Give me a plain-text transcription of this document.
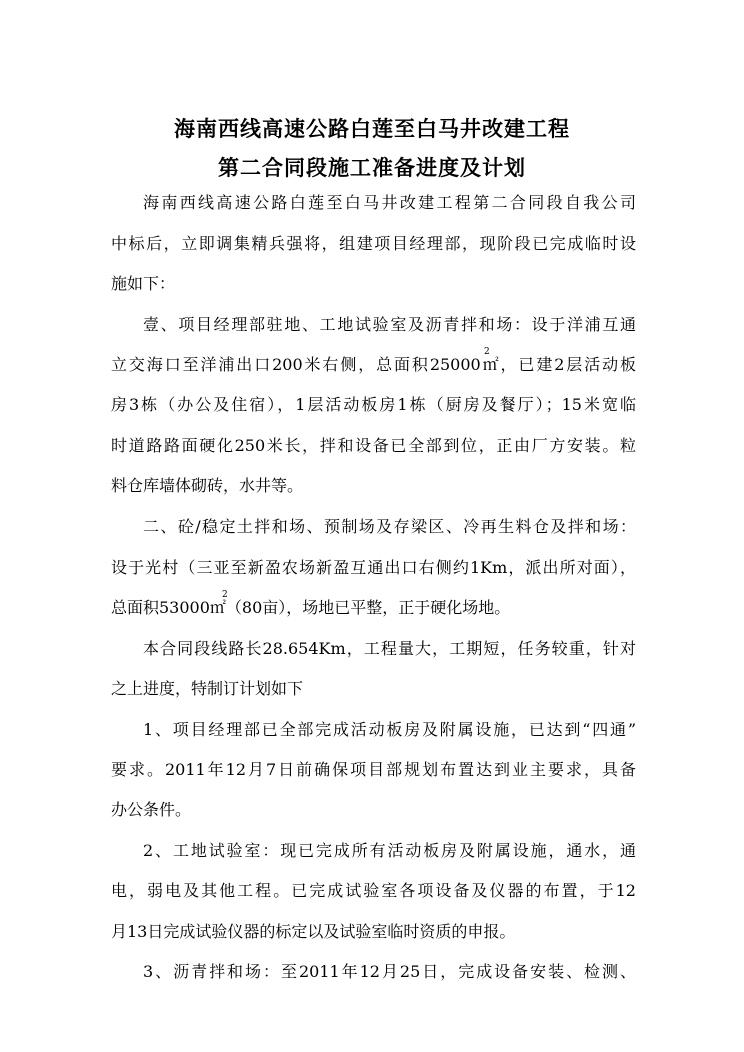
海南西线高速公路白莲至白马井改建工程
第二合同段施工准备进度及计划
海南西线高速公路白莲至白马井改建工程第二合同段自我公司
中标后，立即调集精兵强将，组建项目经理部，现阶段已完成临时设
施如下：
壹、项目经理部驻地、工地试验室及沥青拌和场：设于洋浦互通
立交海口至洋浦出口200米右侧，总面积25000㎡，已建2层活动板
房3栋（办公及住宿），1层活动板房1栋（厨房及餐厅）；15米宽临
时道路路面硬化250米长，拌和设备已全部到位，正由厂方安装。粒
料仓库墙体砌砖，水井等。
2
二、砼/稳定土拌和场、预制场及存梁区、冷再生料仓及拌和场：
设于光村（三亚至新盈农场新盈互通出口右侧约1Km，派出所对面），
总面积53000㎡（80亩），场地已平整，正于硬化场地。
2
本合同段线路长28.654Km，工程量大，工期短，任务较重，针对
之上进度，特制订计划如下
1、项目经理部已全部完成活动板房及附属设施，已达到“四通”
要求。2011年12月7日前确保项目部规划布置达到业主要求，具备
办公条件。
2、工地试验室：现已完成所有活动板房及附属设施，通水，通
电，弱电及其他工程。已完成试验室各项设备及仪器的布置，于12
月13日完成试验仪器的标定以及试验室临时资质的申报。
3、沥青拌和场：至2011年12月25日，完成设备安装、检测、
